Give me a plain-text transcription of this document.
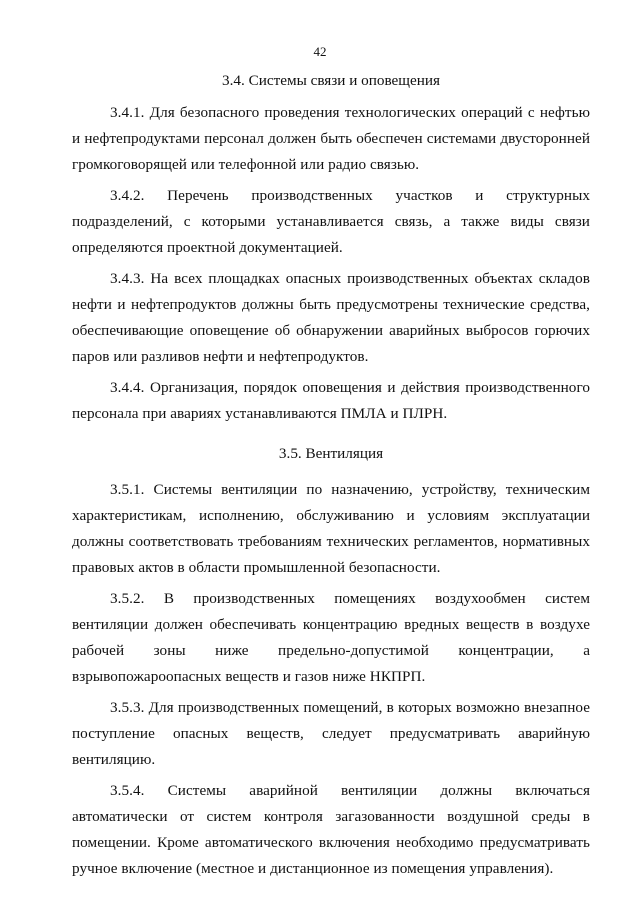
42
3.4. Системы связи и оповещения

3.4.1. Для безопасного проведения технологических операций с нефтью и нефтепродуктами персонал должен быть обеспечен системами двусторонней громкоговорящей или телефонной или радио связью.

3.4.2. Перечень производственных участков и структурных подразделений, с которыми устанавливается связь, а также виды связи определяются проектной документацией.

3.4.3. На всех площадках опасных производственных объектах складов нефти и нефтепродуктов должны быть предусмотрены технические средства, обеспечивающие оповещение об обнаружении аварийных выбросов горючих паров или разливов нефти и нефтепродуктов.

3.4.4. Организация, порядок оповещения и действия производственного персонала при авариях устанавливаются ПМЛА и ПЛРН.

3.5. Вентиляция

3.5.1. Системы вентиляции по назначению, устройству, техническим характеристикам, исполнению, обслуживанию и условиям эксплуатации должны соответствовать требованиям технических регламентов, нормативных правовых актов в области промышленной безопасности.

3.5.2. В производственных помещениях воздухообмен систем вентиляции должен обеспечивать концентрацию вредных веществ в воздухе рабочей зоны ниже предельно-допустимой концентрации, а взрывопожароопасных веществ и газов ниже НКПРП.

3.5.3. Для производственных помещений, в которых возможно внезапное поступление опасных веществ, следует предусматривать аварийную вентиляцию.

3.5.4. Системы аварийной вентиляции должны включаться автоматически от систем контроля загазованности воздушной среды в помещении. Кроме автоматического включения необходимо предусматривать ручное включение (местное и дистанционное из помещения управления).
